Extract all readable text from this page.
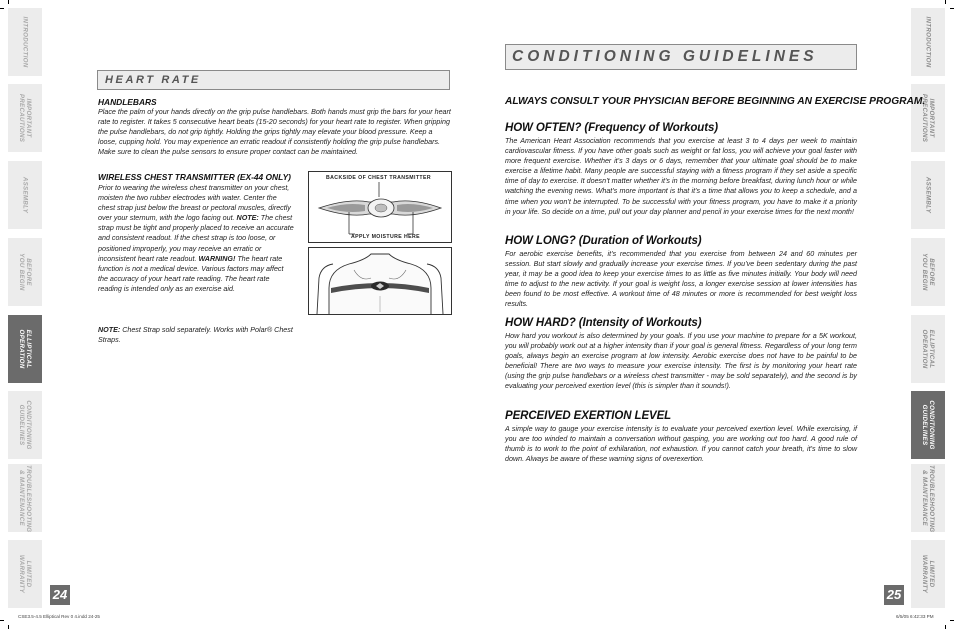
INTRODUCTION
IMPORTANT
PRECAUTIONS
ASSEMBLY
BEFORE
YOU BEGIN
ELLIPTICAL
OPERATION
CONDITIONING
GUIDELINES
TROUBLESHOOTING
& MAINTENANCE
LIMITED
WARRANTY
INTRODUCTION
IMPORTANT
PRECAUTIONS
ASSEMBLY
BEFORE
YOU BEGIN
ELLIPTICAL
OPERATION
CONDITIONING
GUIDELINES
TROUBLESHOOTING
& MAINTENANCE
LIMITED
WARRANTY
HEART RATE
HANDLEBARS
Place the palm of your hands directly on the grip pulse handlebars. Both hands must grip the bars for your heart rate to register. It takes 5 consecutive heart beats (15-20 seconds) for your heart rate to register. When gripping the pulse handlebars, do not grip tightly. Holding the grips tightly may elevate your blood pressure. Keep a loose, cupping hold. You may experience an erratic readout if consistently holding the grip pulse handlebars. Make sure to clean the pulse sensors to ensure proper contact can be maintained.
WIRELESS CHEST TRANSMITTER (EX-44 ONLY)
Prior to wearing the wireless chest transmitter on your chest, moisten the two rubber electrodes with water. Center the chest strap just below the breast or pectoral muscles, directly over your sternum, with the logo facing out. NOTE: The chest strap must be tight and properly placed to receive an accurate and consistent readout. If the chest strap is too loose, or positioned improperly, you may receive an erratic or inconsistent heart rate readout. WARNING! The heart rate function is not a medical device. Various factors may affect the accuracy of your heart rate reading. The heart rate reading is intended only as an exercise aid.
NOTE: Chest Strap sold separately. Works with Polar® Chest Straps.
BACKSIDE OF CHEST TRANSMITTER
APPLY MOISTURE HERE
24
CONDITIONING GUIDELINES
ALWAYS CONSULT YOUR PHYSICIAN BEFORE BEGINNING AN EXERCISE PROGRAM.
HOW OFTEN? (Frequency of Workouts)
The American Heart Association recommends that you exercise at least 3 to 4 days per week to maintain cardiovascular fitness. If you have other goals such as weight or fat loss, you will achieve your goal faster with more frequent exercise. Whether it’s 3 days or 6 days, remember that your ultimate goal should be to make exercise a lifetime habit. Many people are successful staying with a fitness program if they set aside a specific time of day to exercise. It doesn’t matter whether it’s in the morning before breakfast, during lunch hour or while watching the evening news. What’s more important is that it’s a time that allows you to keep a schedule, and a time when you won’t be interrupted. To be successful with your fitness program, you have to make it a priority in your life. So decide on a time, pull out your day planner and pencil in your exercise times for the next month!
HOW LONG? (Duration of Workouts)
For aerobic exercise benefits, it’s recommended that you exercise from between 24 and 60 minutes per session. But start slowly and gradually increase your exercise times. If you’ve been sedentary during the past year, it may be a good idea to keep your exercise times to as little as five minutes initially. Your body will need time to adjust to the new activity. If your goal is weight loss, a longer exercise session at lower intensities has been found to be most effective. A workout time of 48 minutes or more is recommended for best weight loss results.
HOW HARD? (Intensity of Workouts)
How hard you workout is also determined by your goals. If you use your machine to prepare for a 5K workout, you will probably work out at a higher intensity than if your goal is general fitness. Regardless of your long term goals, always begin an exercise program at low intensity. Aerobic exercise does not have to be painful to be beneficial! There are two ways to measure your exercise intensity. The first is by monitoring your heart rate (using the grip pulse handlebars or a wireless chest transmitter - may be sold separately), and the second is by evaluating your perceived exertion level (this is simpler than it sounds!).
PERCEIVED EXERTION LEVEL
A simple way to gauge your exercise intensity is to evaluate your perceived exertion level. While exercising, if you are too winded to maintain a conversation without gasping, you are working out too hard. A good rule of thumb is to work to the point of exhilaration, not exhaustion. If you cannot catch your breath, it’s time to slow down. Always be aware of these warning signs of overexertion.
25
CSE3.5-4.5 Elliptical Rev 0 4.indd 24-25	6/5/05 6:42:33 PM
